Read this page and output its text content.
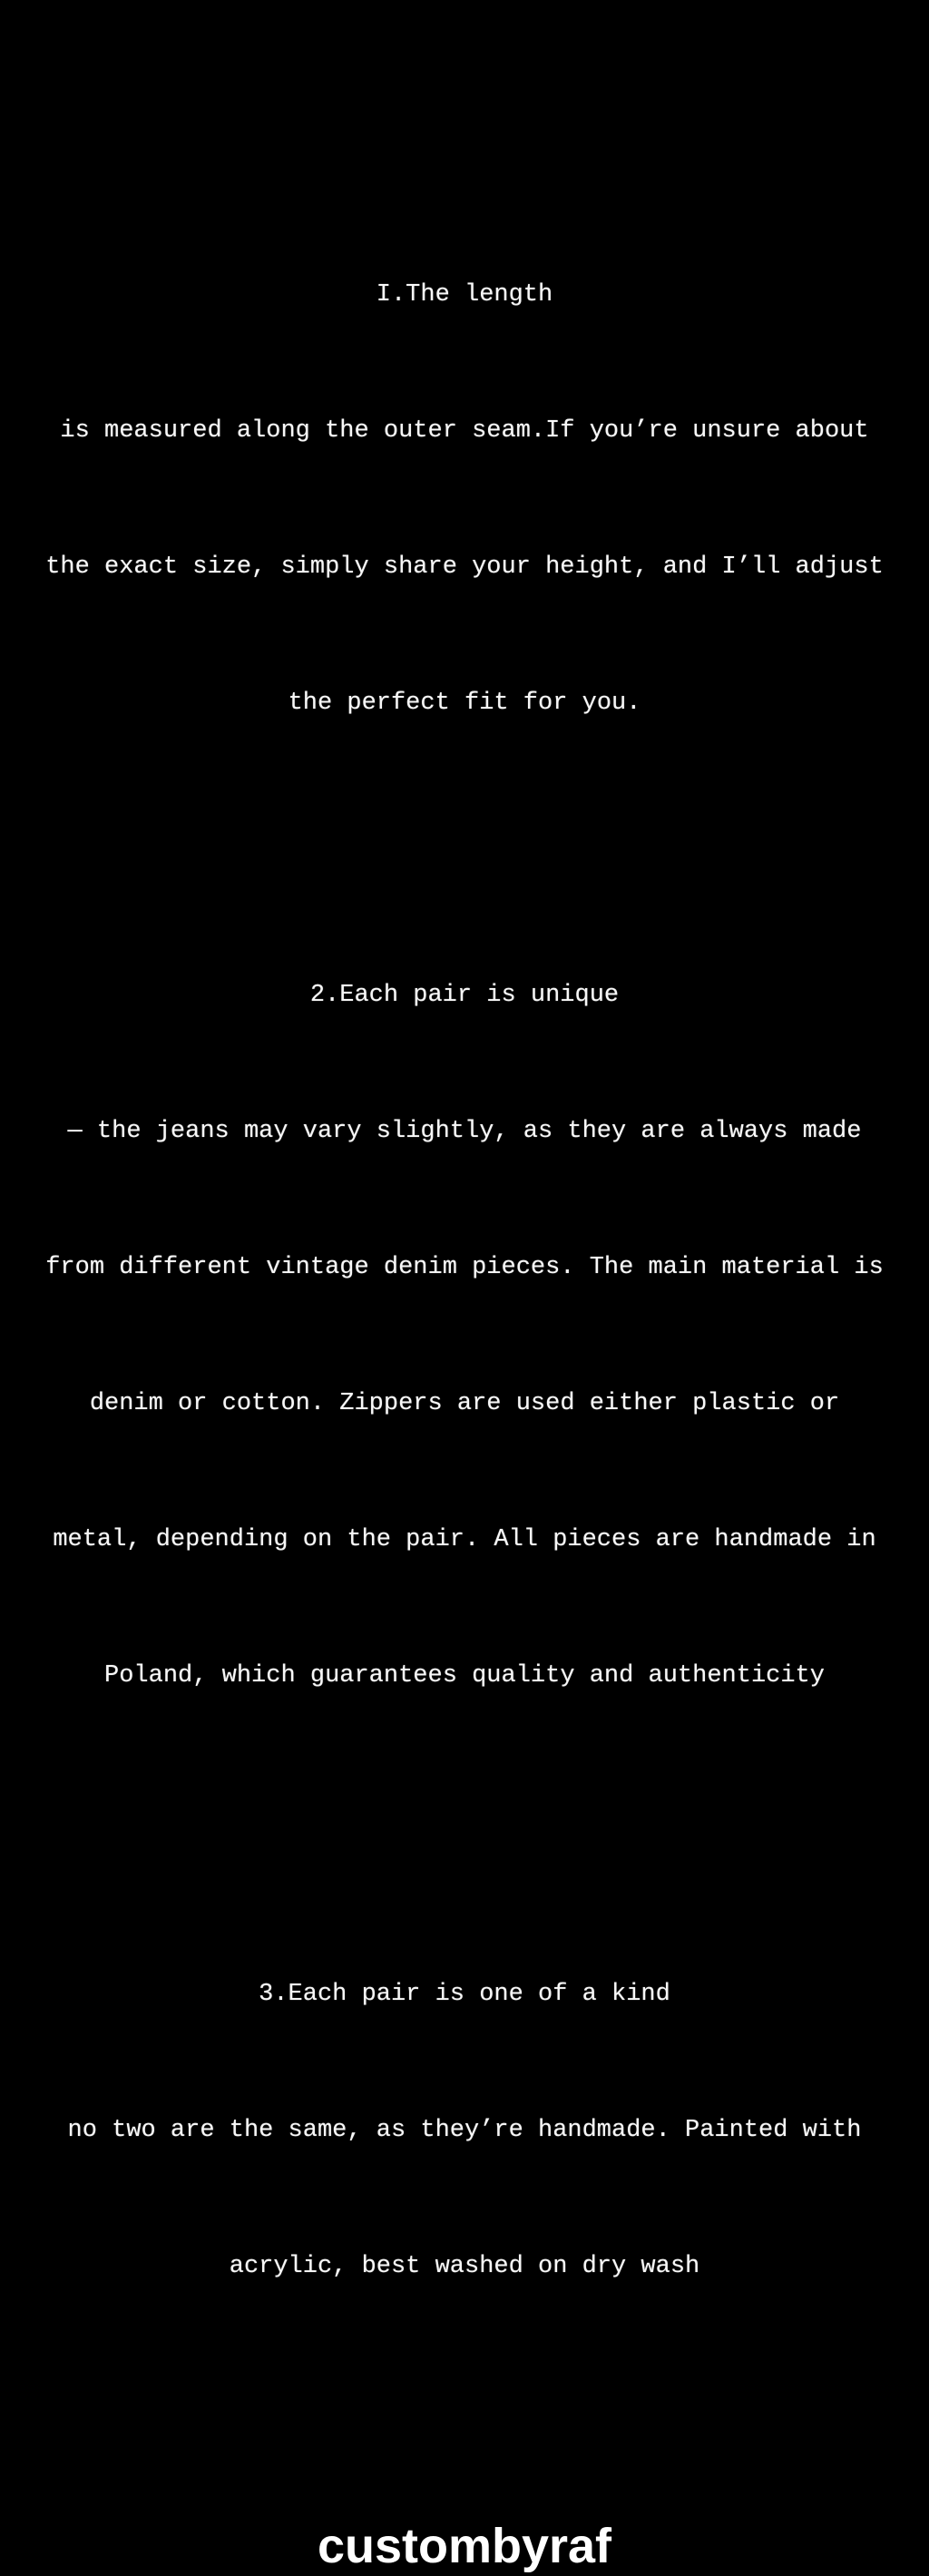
I.The length

is measured along the outer seam.If you’re unsure about

the exact size, simply share your height, and I’ll adjust

the perfect fit for you.

2.Each pair is unique

— the jeans may vary slightly, as they are always made

from different vintage denim pieces. The main material is

denim or cotton. Zippers are used either plastic or

metal, depending on the pair. All pieces are handmade in

Poland, which guarantees quality and authenticity

3.Each pair is one of a kind

no two are the same, as they’re handmade. Painted with

acrylic, best washed on dry wash

custombyraf
